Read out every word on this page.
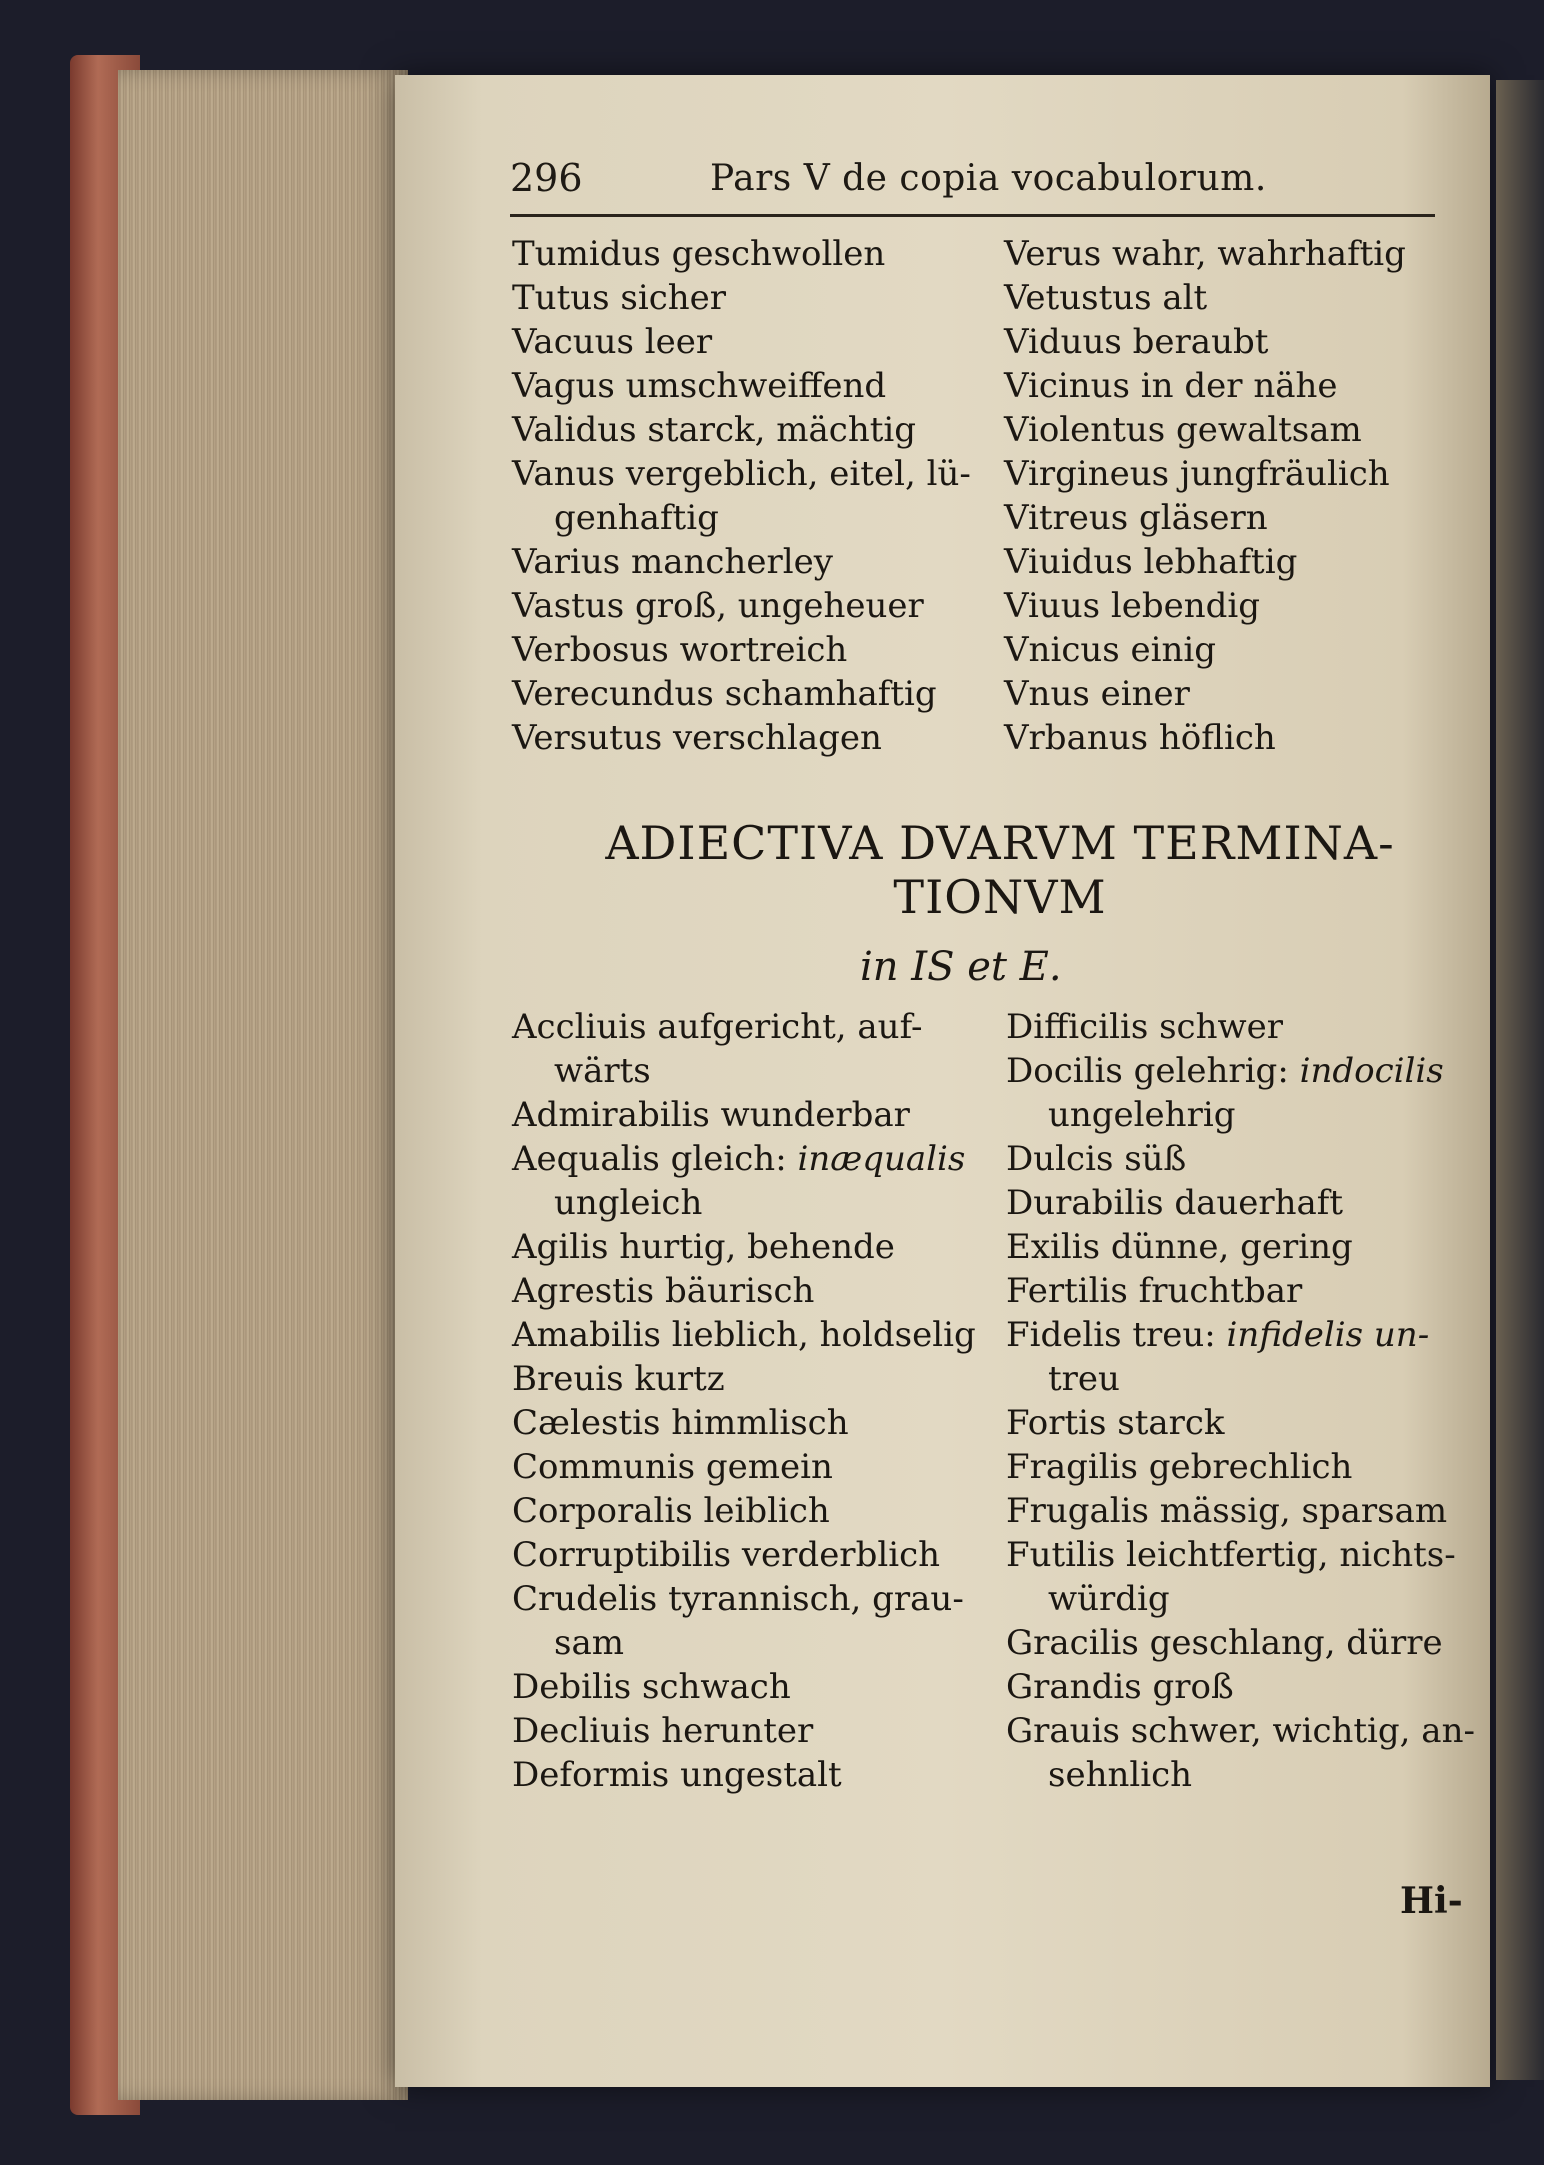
296	Pars V de copia vocabulorum.
Tumidus geschwollen
Tutus sicher
Vacuus leer
Vagus umschweiffend
Validus starck, mächtig
Vanus vergeblich, eitel, lü-
genhaftig
Varius mancherley
Vastus groß, ungeheuer
Verbosus wortreich
Verecundus schamhaftig
Versutus verschlagen
Verus wahr, wahrhaftig
Vetustus alt
Viduus beraubt
Vicinus in der nähe
Violentus gewaltsam
Virgineus jungfräulich
Vitreus gläsern
Viuidus lebhaftig
Viuus lebendig
Vnicus einig
Vnus einer
Vrbanus höflich
ADIECTIVA DVARVM TERMINA-
TIONVM
in IS et E.
Accliuis aufgericht, auf-
wärts
Admirabilis wunderbar
Aequalis gleich: inæqualis
ungleich
Agilis hurtig, behende
Agrestis bäurisch
Amabilis lieblich, holdselig
Breuis kurtz
Cælestis himmlisch
Communis gemein
Corporalis leiblich
Corruptibilis verderblich
Crudelis tyrannisch, grau-
sam
Debilis schwach
Decliuis herunter
Deformis ungestalt
Difficilis schwer
Docilis gelehrig: indocilis
ungelehrig
Dulcis süß
Durabilis dauerhaft
Exilis dünne, gering
Fertilis fruchtbar
Fidelis treu: infidelis un-
treu
Fortis starck
Fragilis gebrechlich
Frugalis mässig, sparsam
Futilis leichtfertig, nichts-
würdig
Gracilis geschlang, dürre
Grandis groß
Grauis schwer, wichtig, an-
sehnlich
Hi-
